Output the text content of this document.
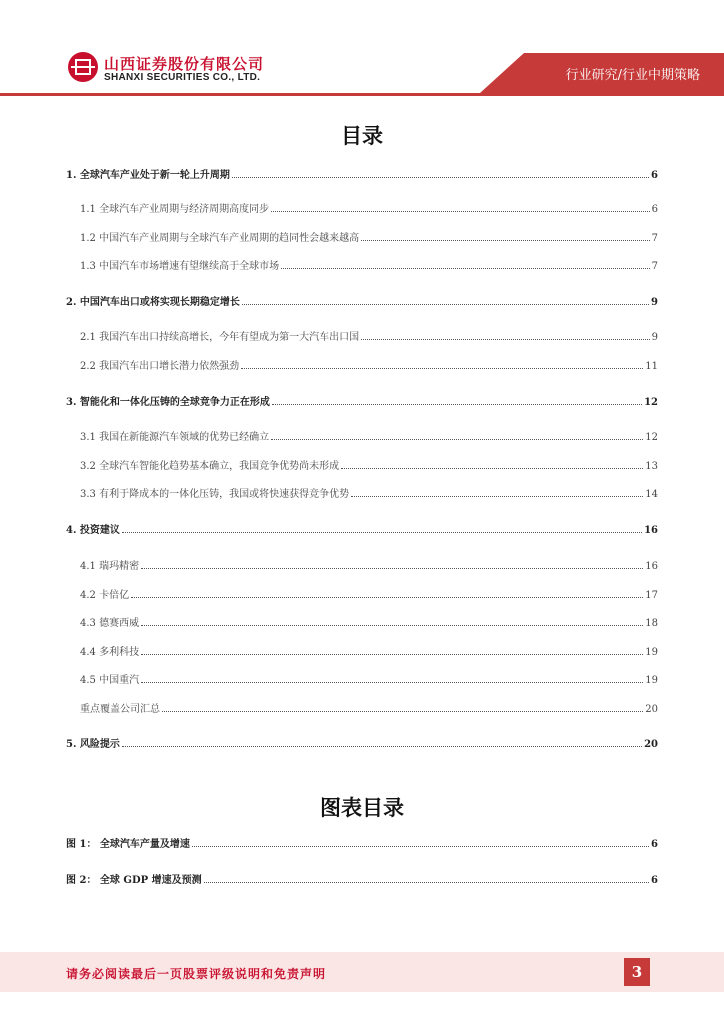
山西证券股份有限公司
SHANXI SECURITIES CO., LTD.	行业研究/行业中期策略
目录
1. 全球汽车产业处于新一轮上升周期	6
1.1 全球汽车产业周期与经济周期高度同步	6
1.2 中国汽车产业周期与全球汽车产业周期的趋同性会越来越高	7
1.3 中国汽车市场增速有望继续高于全球市场	7
2. 中国汽车出口或将实现长期稳定增长	9
2.1 我国汽车出口持续高增长，今年有望成为第一大汽车出口国	9
2.2 我国汽车出口增长潜力依然强劲	11
3. 智能化和一体化压铸的全球竞争力正在形成	12
3.1 我国在新能源汽车领域的优势已经确立	12
3.2 全球汽车智能化趋势基本确立，我国竞争优势尚未形成	13
3.3 有利于降成本的一体化压铸，我国或将快速获得竞争优势	14
4. 投资建议	16
4.1 瑞玛精密	16
4.2 卡倍亿	17
4.3 德赛西威	18
4.4 多利科技	19
4.5 中国重汽	19
重点覆盖公司汇总	20
5. 风险提示	20
图表目录
图 1： 全球汽车产量及增速	6
图 2： 全球 GDP 增速及预测	6
请务必阅读最后一页股票评级说明和免责声明	3
